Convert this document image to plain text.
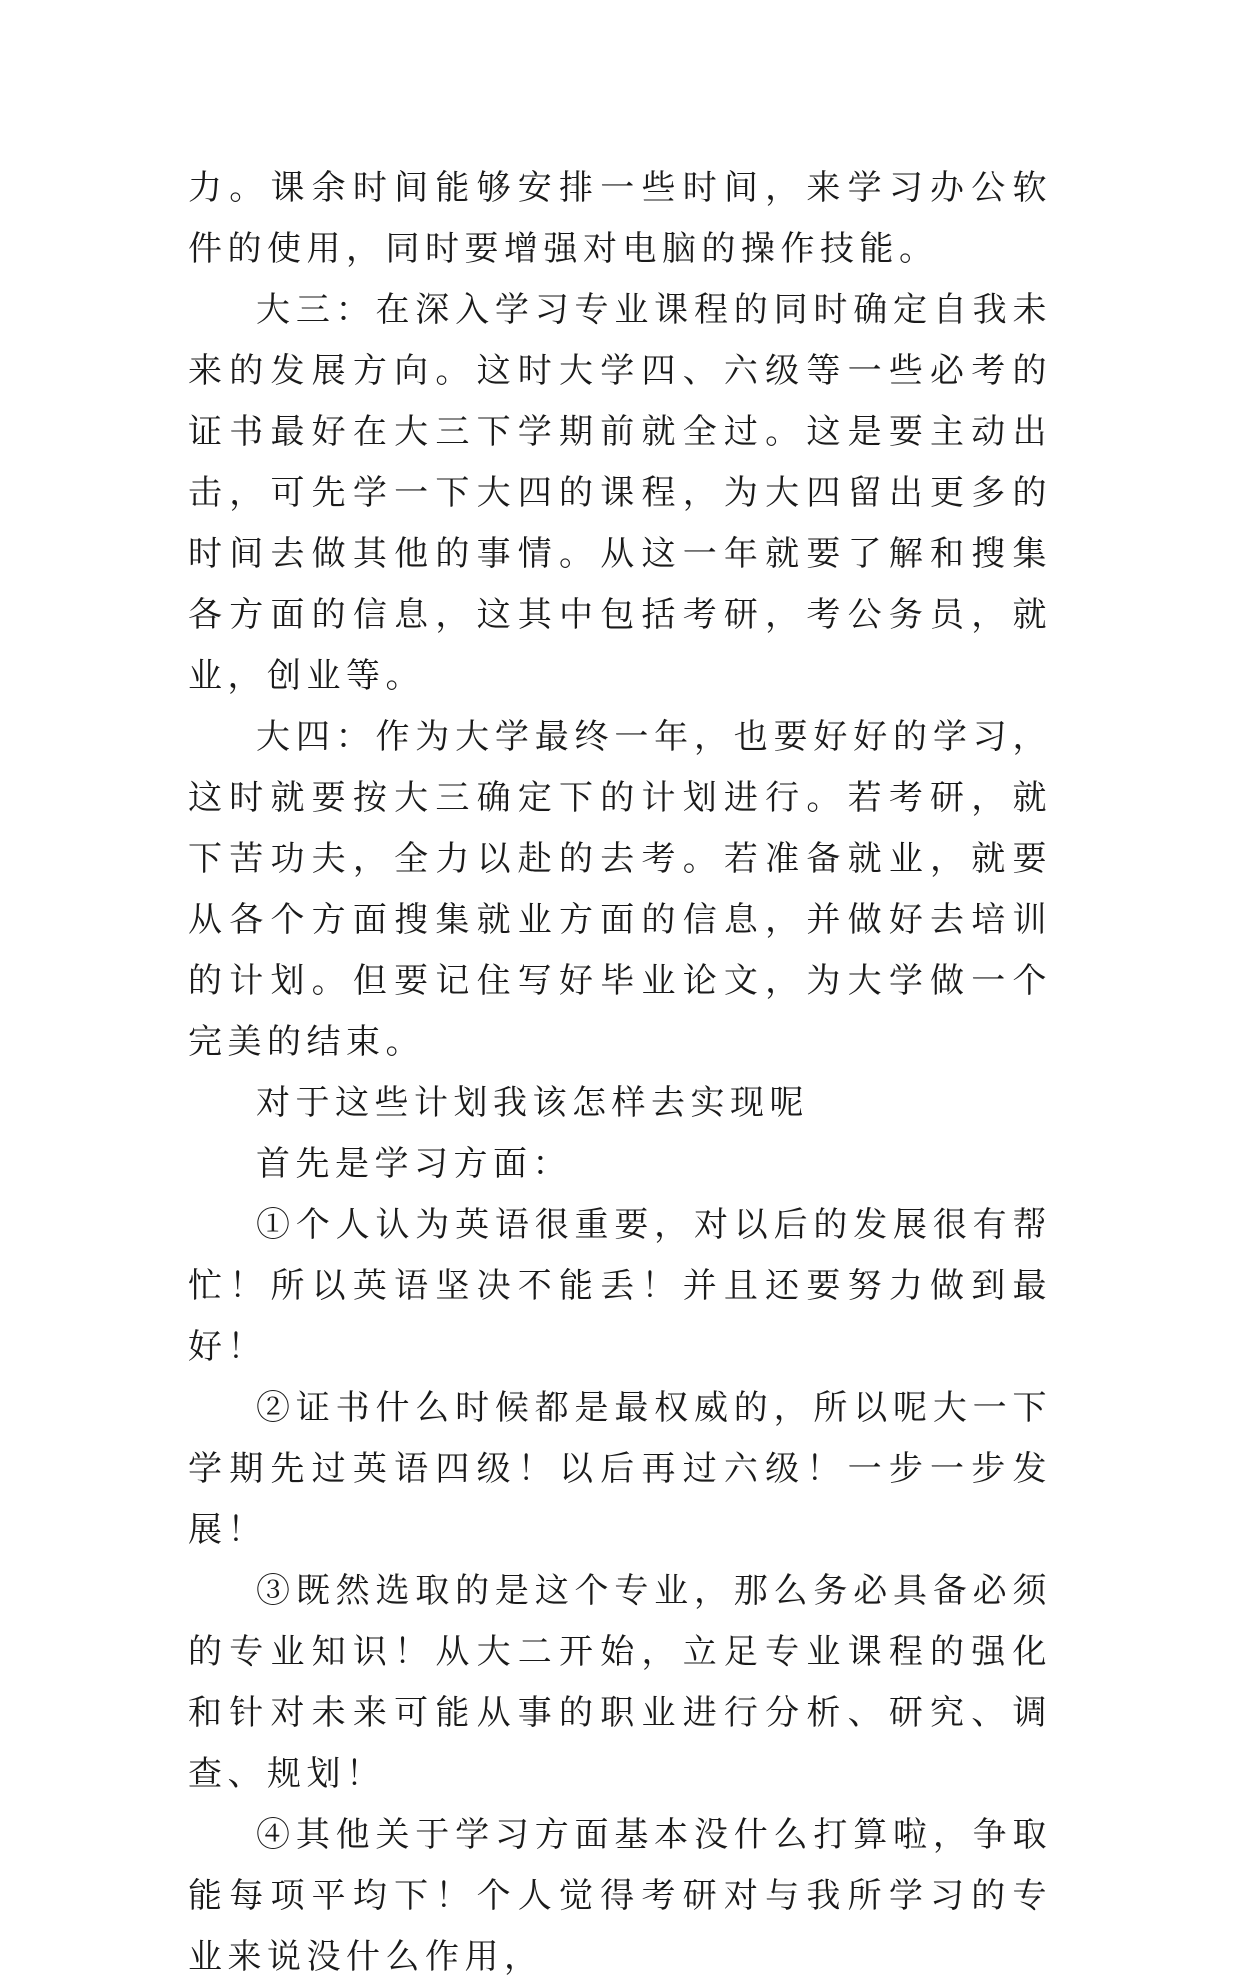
力。课余时间能够安排一些时间，来学习办公软件的使用，同时要增强对电脑的操作技能。

大三：在深入学习专业课程的同时确定自我未来的发展方向。这时大学四、六级等一些必考的证书最好在大三下学期前就全过。这是要主动出击，可先学一下大四的课程，为大四留出更多的时间去做其他的事情。从这一年就要了解和搜集各方面的信息，这其中包括考研，考公务员，就业，创业等。

大四：作为大学最终一年，也要好好的学习，这时就要按大三确定下的计划进行。若考研，就下苦功夫，全力以赴的去考。若准备就业，就要从各个方面搜集就业方面的信息，并做好去培训的计划。但要记住写好毕业论文，为大学做一个完美的结束。

对于这些计划我该怎样去实现呢

首先是学习方面：

①个人认为英语很重要，对以后的发展很有帮忙！所以英语坚决不能丢！并且还要努力做到最好！

②证书什么时候都是最权威的，所以呢大一下学期先过英语四级！以后再过六级！一步一步发展！

③既然选取的是这个专业，那么务必具备必须的专业知识！从大二开始，立足专业课程的强化和针对未来可能从事的职业进行分析、研究、调查、规划！

④其他关于学习方面基本没什么打算啦，争取能每项平均下！个人觉得考研对与我所学习的专业来说没什么作用，
